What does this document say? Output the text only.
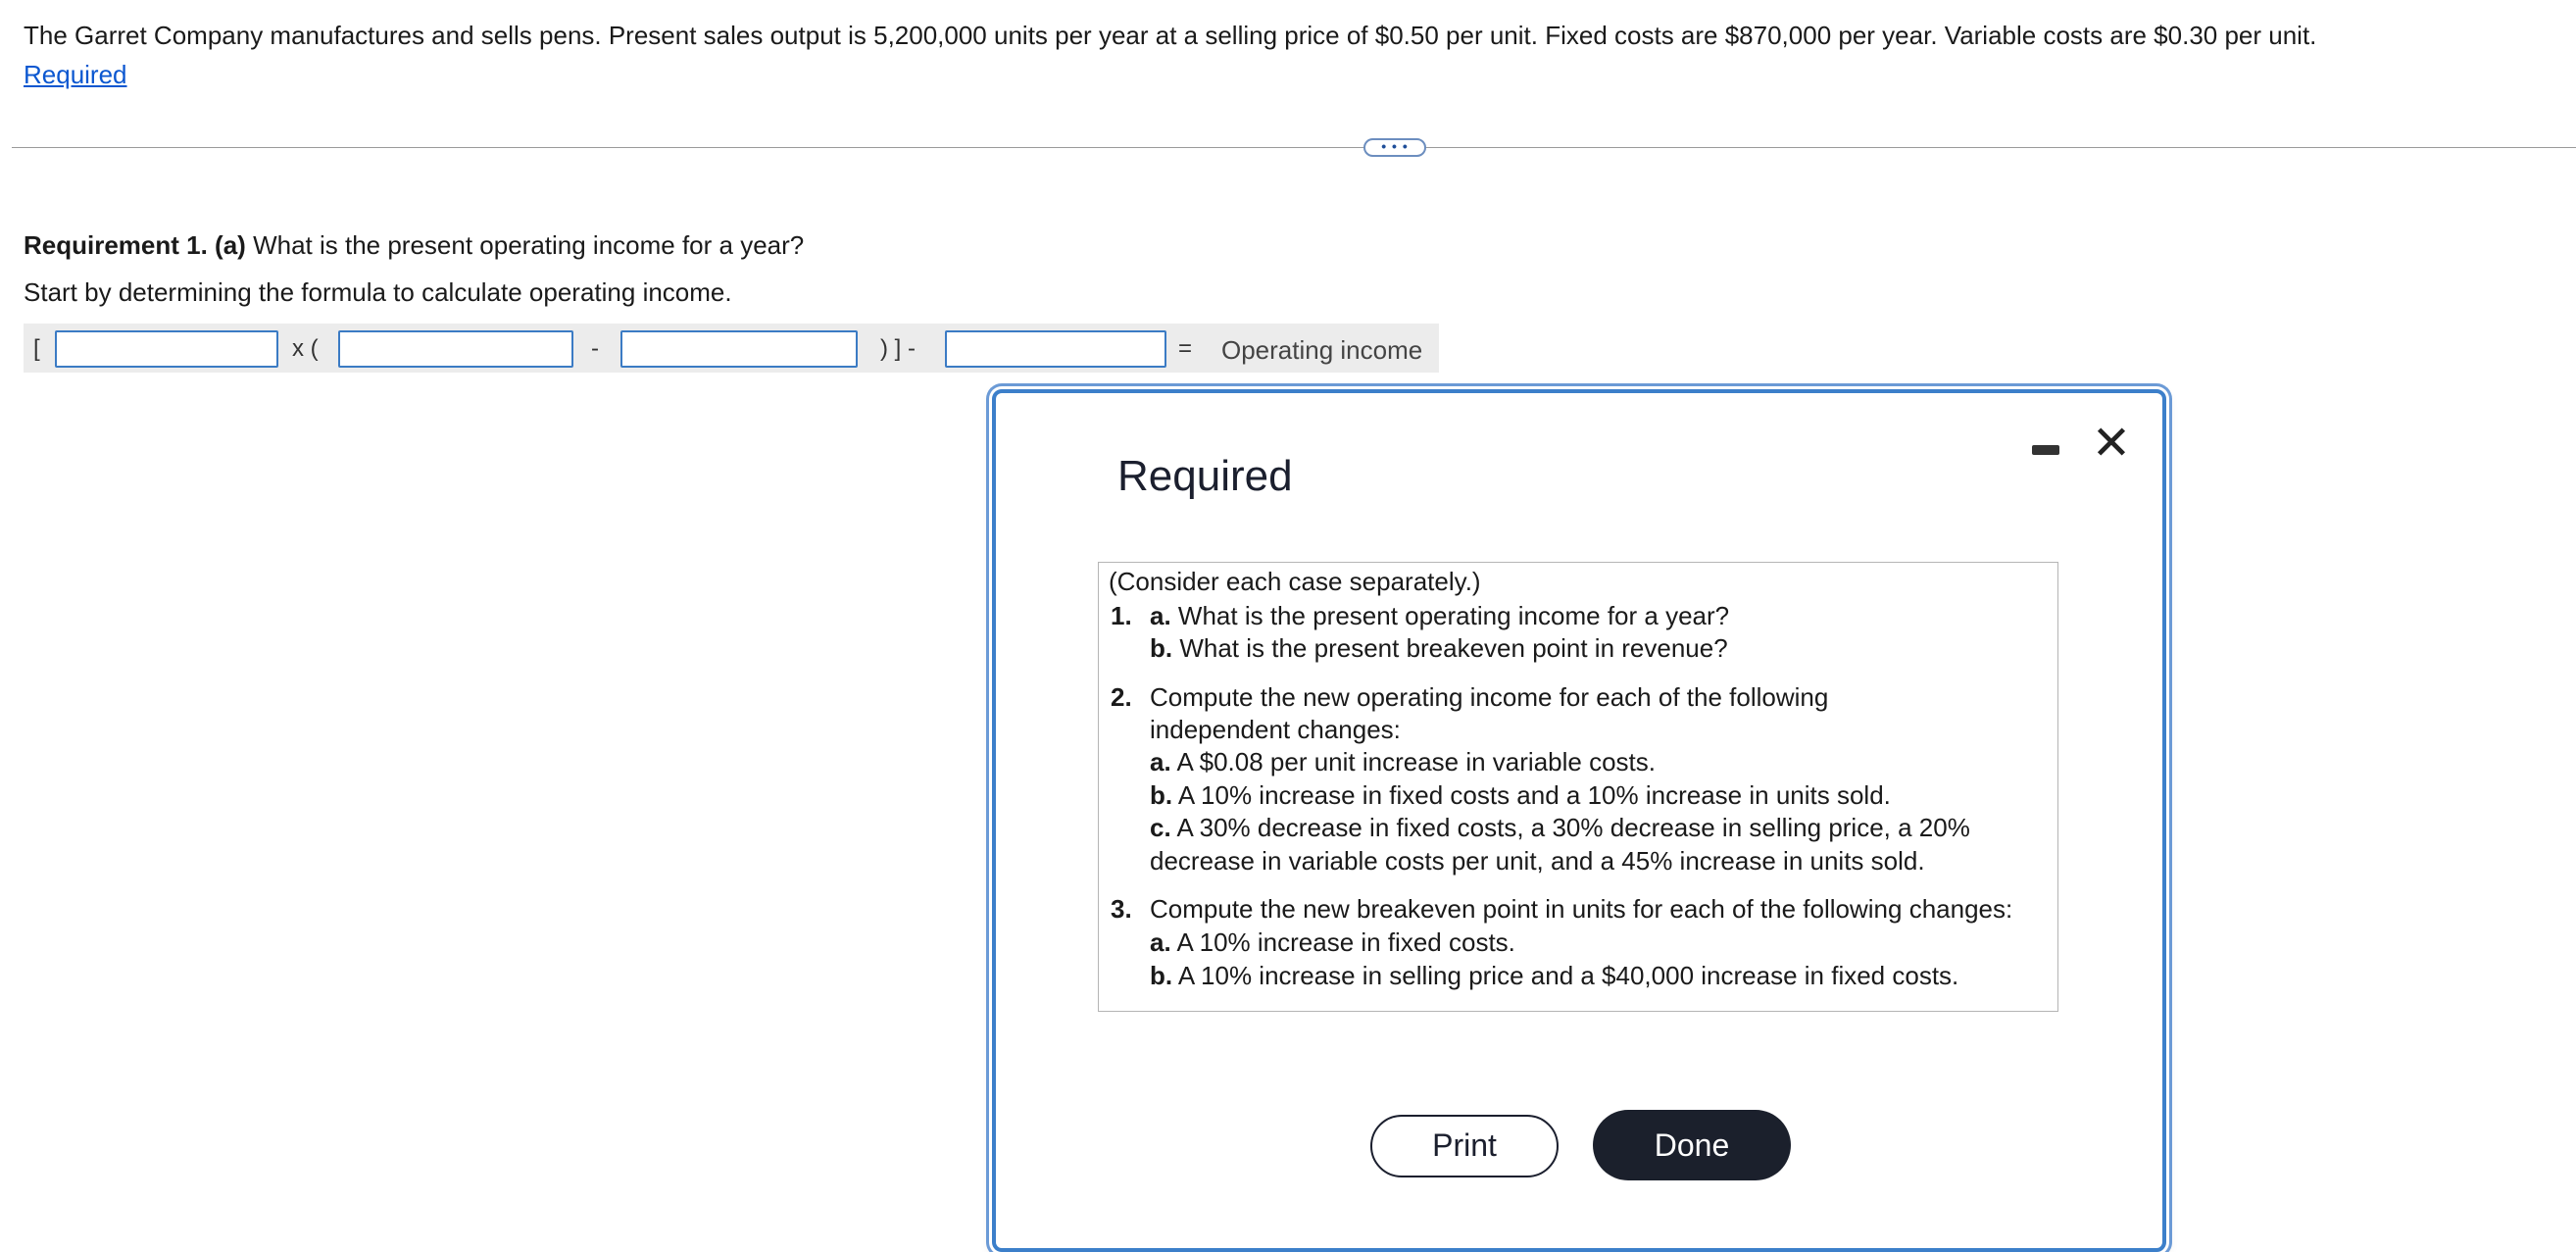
The Garret Company manufactures and sells pens. Present sales output is 5,200,000 units per year at a selling price of $0.50 per unit. Fixed costs are $870,000 per year. Variable costs are $0.30 per unit.
Required
• • •
Requirement 1. (a) What is the present operating income for a year?
Start by determining the formula to calculate operating income.
[	x (	-	) ] -	= Operating income
Required
✕
(Consider each case separately.)
1. a. What is the present operating income for a year?
b. What is the present breakeven point in revenue?
2. Compute the new operating income for each of the following
independent changes:
a. A $0.08 per unit increase in variable costs.
b. A 10% increase in fixed costs and a 10% increase in units sold.
c. A 30% decrease in fixed costs, a 30% decrease in selling price, a 20%
decrease in variable costs per unit, and a 45% increase in units sold.
3. Compute the new breakeven point in units for each of the following changes:
a. A 10% increase in fixed costs.
b. A 10% increase in selling price and a $40,000 increase in fixed costs.
Print	Done
